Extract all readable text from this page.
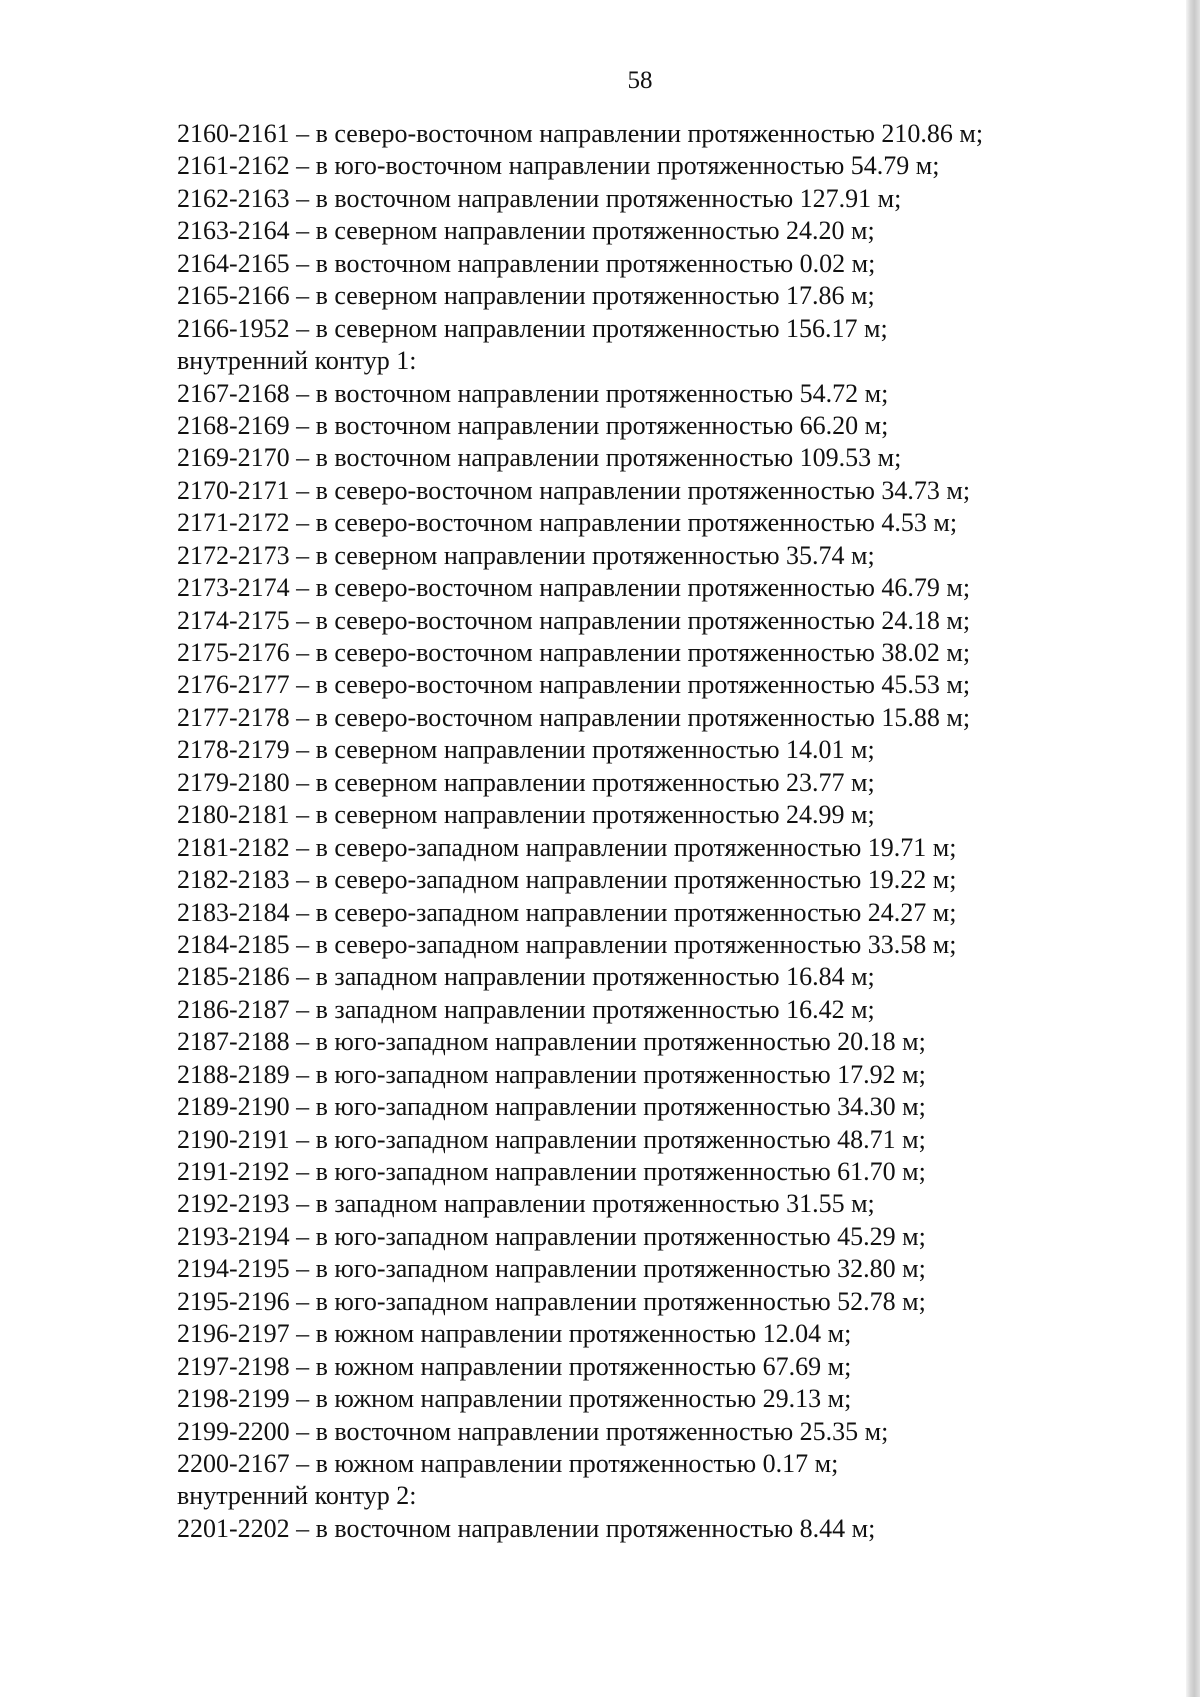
58
2160-2161 – в северо-восточном направлении протяженностью 210.86 м;
2161-2162 – в юго-восточном направлении протяженностью 54.79 м;
2162-2163 – в восточном направлении протяженностью 127.91 м;
2163-2164 – в северном направлении протяженностью 24.20 м;
2164-2165 – в восточном направлении протяженностью 0.02 м;
2165-2166 – в северном направлении протяженностью 17.86 м;
2166-1952 – в северном направлении протяженностью 156.17 м;
внутренний контур 1:
2167-2168 – в восточном направлении протяженностью 54.72 м;
2168-2169 – в восточном направлении протяженностью 66.20 м;
2169-2170 – в восточном направлении протяженностью 109.53 м;
2170-2171 – в северо-восточном направлении протяженностью 34.73 м;
2171-2172 – в северо-восточном направлении протяженностью 4.53 м;
2172-2173 – в северном направлении протяженностью 35.74 м;
2173-2174 – в северо-восточном направлении протяженностью 46.79 м;
2174-2175 – в северо-восточном направлении протяженностью 24.18 м;
2175-2176 – в северо-восточном направлении протяженностью 38.02 м;
2176-2177 – в северо-восточном направлении протяженностью 45.53 м;
2177-2178 – в северо-восточном направлении протяженностью 15.88 м;
2178-2179 – в северном направлении протяженностью 14.01 м;
2179-2180 – в северном направлении протяженностью 23.77 м;
2180-2181 – в северном направлении протяженностью 24.99 м;
2181-2182 – в северо-западном направлении протяженностью 19.71 м;
2182-2183 – в северо-западном направлении протяженностью 19.22 м;
2183-2184 – в северо-западном направлении протяженностью 24.27 м;
2184-2185 – в северо-западном направлении протяженностью 33.58 м;
2185-2186 – в западном направлении протяженностью 16.84 м;
2186-2187 – в западном направлении протяженностью 16.42 м;
2187-2188 – в юго-западном направлении протяженностью 20.18 м;
2188-2189 – в юго-западном направлении протяженностью 17.92 м;
2189-2190 – в юго-западном направлении протяженностью 34.30 м;
2190-2191 – в юго-западном направлении протяженностью 48.71 м;
2191-2192 – в юго-западном направлении протяженностью 61.70 м;
2192-2193 – в западном направлении протяженностью 31.55 м;
2193-2194 – в юго-западном направлении протяженностью 45.29 м;
2194-2195 – в юго-западном направлении протяженностью 32.80 м;
2195-2196 – в юго-западном направлении протяженностью 52.78 м;
2196-2197 – в южном направлении протяженностью 12.04 м;
2197-2198 – в южном направлении протяженностью 67.69 м;
2198-2199 – в южном направлении протяженностью 29.13 м;
2199-2200 – в восточном направлении протяженностью 25.35 м;
2200-2167 – в южном направлении протяженностью 0.17 м;
внутренний контур 2:
2201-2202 – в восточном направлении протяженностью 8.44 м;
